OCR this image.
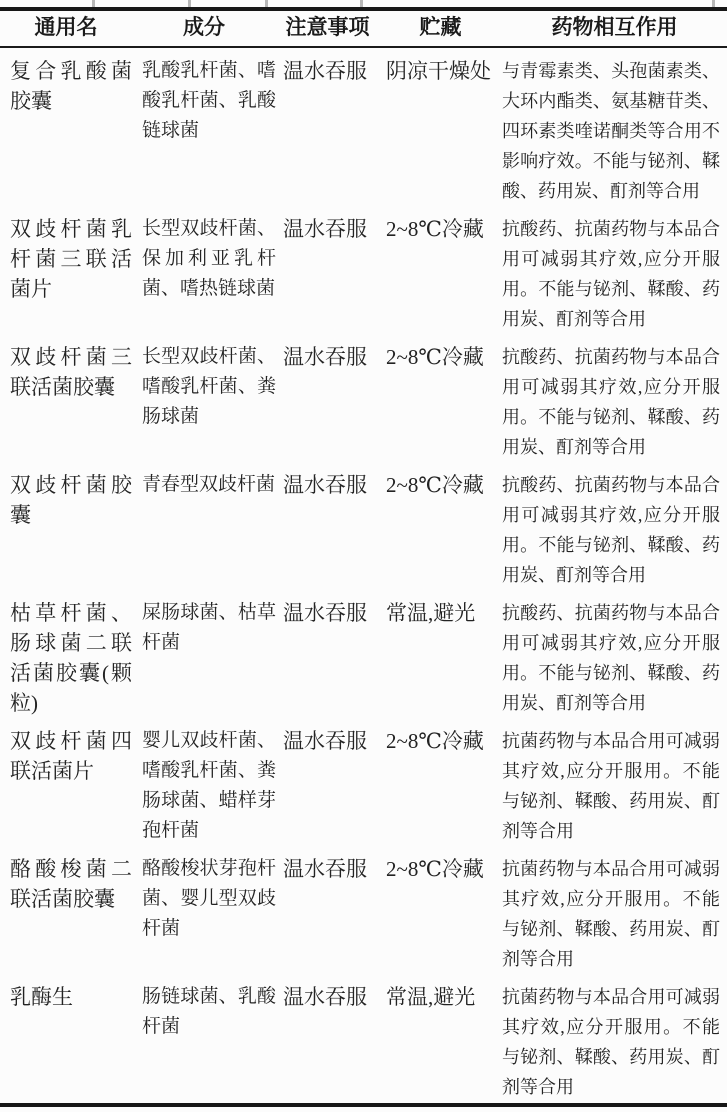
通用名	成分	注意事项	贮藏	药物相互作用
复合乳酸菌胶囊	乳酸乳杆菌、嗜酸乳杆菌、乳酸链球菌	温水吞服	阴凉干燥处	与青霉素类、头孢菌素类、大环内酯类、氨基糖苷类、四环素类喹诺酮类等合用不影响疗效。不能与铋剂、鞣酸、药用炭、酊剂等合用
双歧杆菌乳杆菌三联活菌片	长型双歧杆菌、保加利亚乳杆菌、嗜热链球菌	温水吞服	2~8℃冷藏	抗酸药、抗菌药物与本品合用可减弱其疗效,应分开服用。不能与铋剂、鞣酸、药用炭、酊剂等合用
双歧杆菌三联活菌胶囊	长型双歧杆菌、嗜酸乳杆菌、粪肠球菌	温水吞服	2~8℃冷藏	抗酸药、抗菌药物与本品合用可减弱其疗效,应分开服用。不能与铋剂、鞣酸、药用炭、酊剂等合用
双歧杆菌胶囊	青春型双歧杆菌	温水吞服	2~8℃冷藏	抗酸药、抗菌药物与本品合用可减弱其疗效,应分开服用。不能与铋剂、鞣酸、药用炭、酊剂等合用
枯草杆菌、肠球菌二联活菌胶囊(颗粒)	屎肠球菌、枯草杆菌	温水吞服	常温,避光	抗酸药、抗菌药物与本品合用可减弱其疗效,应分开服用。不能与铋剂、鞣酸、药用炭、酊剂等合用
双歧杆菌四联活菌片	婴儿双歧杆菌、嗜酸乳杆菌、粪肠球菌、蜡样芽孢杆菌	温水吞服	2~8℃冷藏	抗菌药物与本品合用可减弱其疗效,应分开服用。不能与铋剂、鞣酸、药用炭、酊剂等合用
酪酸梭菌二联活菌胶囊	酪酸梭状芽孢杆菌、婴儿型双歧杆菌	温水吞服	2~8℃冷藏	抗菌药物与本品合用可减弱其疗效,应分开服用。不能与铋剂、鞣酸、药用炭、酊剂等合用
乳酶生	肠链球菌、乳酸杆菌	温水吞服	常温,避光	抗菌药物与本品合用可减弱其疗效,应分开服用。不能与铋剂、鞣酸、药用炭、酊剂等合用
